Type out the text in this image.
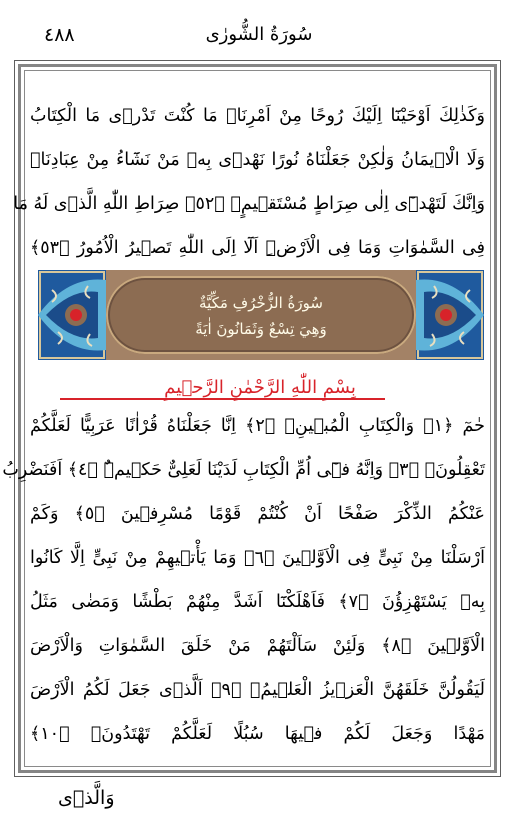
٤٨٨	سُورَةُ الشُّورٰى
وَكَذٰلِكَ اَوْحَيْنَٓا اِلَيْكَ رُوحًا مِنْ اَمْرِنَاۜ مَا كُنْتَ تَدْرٖى مَا الْكِتَابُ
وَلَا الْاٖيمَانُ وَلٰكِنْ جَعَلْنَاهُ نُورًا نَهْدٖى بِهٖ مَنْ نَشَٓاءُ مِنْ عِبَادِنَاۜ
وَاِنَّكَ لَتَهْدٖٓى اِلٰى صِرَاطٍ مُسْتَقٖيمٍۙ ﴿٥٢﴾ صِرَاطِ اللّٰهِ الَّذٖى لَهُ مَا
فِى السَّمٰوَاتِ وَمَا فِى الْاَرْضِۜ اَلَٓا اِلَى اللّٰهِ تَصٖيرُ الْاُمُورُ ﴿٥٣﴾
سُورَةُ الزُّخْرُفِ مَكِّيَّةٌ
وَهِيَ تِسْعٌ وَثَمَانُونَ اٰيَةً
بِسْمِ اللّٰهِ الرَّحْمٰنِ الرَّحٖيمِ
حٰمٓ ﴿١﴾ وَالْكِتَابِ الْمُبٖينِۙ ﴿٢﴾ اِنَّا جَعَلْنَاهُ قُرْاٰنًا عَرَبِيًّا لَعَلَّكُمْ
تَعْقِلُونَۚ ﴿٣﴾ وَاِنَّهُ فٖٓى اُمِّ الْكِتَابِ لَدَيْنَا لَعَلِىٌّ حَكٖيمٌۜ ﴿٤﴾ اَفَنَضْرِبُ
عَنْكُمُ الذِّكْرَ صَفْحًا اَنْ كُنْتُمْ قَوْمًا مُسْرِفٖينَ ﴿٥﴾ وَكَمْ
اَرْسَلْنَا مِنْ نَبِىٍّ فِى الْاَوَّلٖينَ ﴿٦﴾ وَمَا يَأْتٖيهِمْ مِنْ نَبِىٍّ اِلَّا كَانُوا
بِهٖ يَسْتَهْزِؤُنَ ﴿٧﴾ فَاَهْلَكْنَٓا اَشَدَّ مِنْهُمْ بَطْشًا وَمَضٰى مَثَلُ
الْاَوَّلٖينَ ﴿٨﴾ وَلَئِنْ سَاَلْتَهُمْ مَنْ خَلَقَ السَّمٰوَاتِ وَالْاَرْضَ
لَيَقُولُنَّ خَلَقَهُنَّ الْعَزٖيزُ الْعَلٖيمُۙ ﴿٩﴾ اَلَّذٖى جَعَلَ لَكُمُ الْاَرْضَ
مَهْدًا وَجَعَلَ لَكُمْ فٖيهَا سُبُلًا لَعَلَّكُمْ تَهْتَدُونَۚ ﴿١٠﴾
وَالَّذٖى
